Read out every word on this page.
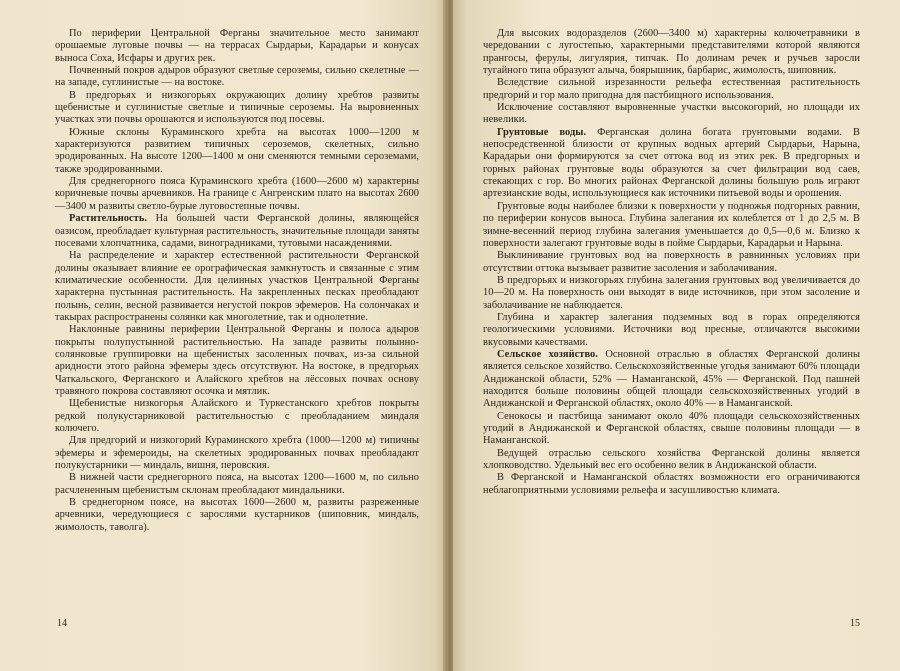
По периферии Центральной Ферганы значительное место занимают орошаемые луговые почвы — на террасах Сырдарьи, Карадарьи и конусах выноса Соха, Исфары и других рек.

Почвенный покров адыров образуют светлые сероземы, сильно скелетные — на западе, суглинистые — на востоке.

В предгорьях и низкогорьях окружающих долину хребтов развиты щебенистые и суглинистые светлые и типичные сероземы. На выровненных участках эти почвы орошаются и используются под посевы.

Южные склоны Кураминского хребта на высотах 1000—1200 м характеризуются развитием типичных сероземов, скелетных, сильно эродированных. На высоте 1200—1400 м они сменяются темными сероземами, также эродированными.

Для среднегорного пояса Кураминского хребта (1600—2600 м) характерны коричневые почвы арчевников. На границе с Ангренским плато на высотах 2600—3400 м развиты светло-бурые луговостепные почвы.

Растительность. На большей части Ферганской долины, являющейся оазисом, преобладает культурная растительность, значительные площади заняты посевами хлопчатника, садами, виноградниками, тутовыми насаждениями.

На распределение и характер естественной растительности Ферганской долины оказывает влияние ее орографическая замкнутость и связанные с этим климатические особенности. Для целинных участков Центральной Ферганы характерна пустынная растительность. На закрепленных песках преобладают полынь, селин, весной развивается негустой покров эфемеров. На солончаках и такырах распространены солянки как многолетние, так и однолетние.

Наклонные равнины периферии Центральной Ферганы и полоса адыров покрыты полупустынной растительностью. На западе развиты полынно-солянковые группировки на щебенистых засоленных почвах, из-за сильной аридности этого района эфемеры здесь отсутствуют. На востоке, в предгорьях Чаткальского, Ферганского и Алайского хребтов на лёссовых почвах основу травяного покрова составляют осочка и мятлик.

Щебенистые низкогорья Алайского и Туркестанского хребтов покрыты редкой полукустарниковой растительностью с преобладанием миндаля колючего.

Для предгорий и низкогорий Кураминского хребта (1000—1200 м) типичны эфемеры и эфемероиды, на скелетных эродированных почвах преобладают полукустарники — миндаль, вишня, перовския.

В нижней части среднегорного пояса, на высотах 1200—1600 м, по сильно расчлененным щебенистым склонам преобладают миндальники.

В среднегорном поясе, на высотах 1600—2600 м, развиты разреженные арчевники, чередующиеся с зарослями кустарников (шиповник, миндаль, жимолость, таволга).

14

Для высоких водоразделов (2600—3400 м) характерны колючетравники в чередовании с лугостепью, характерными представителями которой являются прангосы, ферулы, лигулярия, типчак. По долинам речек и ручьев заросли тугайного типа образуют алыча, боярышник, барбарис, жимолость, шиповник.

Вследствие сильной изрезанности рельефа естественная растительность предгорий и гор мало пригодна для пастбищного использования.

Исключение составляют выровненные участки высокогорий, но площади их невелики.

Грунтовые воды. Ферганская долина богата грунтовыми водами. В непосредственной близости от крупных водных артерий Сырдарьи, Нарына, Карадарьи они формируются за счет оттока вод из этих рек. В предгорных и горных районах грунтовые воды образуются за счет фильтрации вод саев, стекающих с гор. Во многих районах Ферганской долины большую роль играют артезианские воды, использующиеся как источники питьевой воды и орошения.

Грунтовые воды наиболее близки к поверхности у подножья подгорных равнин, по периферии конусов выноса. Глубина залегания их колеблется от 1 до 2,5 м. В зимне-весенний период глубина залегания уменьшается до 0,5—0,6 м. Близко к поверхности залегают грунтовые воды в пойме Сырдарьи, Карадарьи и Нарына.

Выклинивание грунтовых вод на поверхность в равнинных условиях при отсутствии оттока вызывает развитие засоления и заболачивания.

В предгорьях и низкогорьях глубина залегания грунтовых вод увеличивается до 10—20 м. На поверхность они выходят в виде источников, при этом засоление и заболачивание не наблюдается.

Глубина и характер залегания подземных вод в горах определяются геологическими условиями. Источники вод пресные, отличаются высокими вкусовыми качествами.

Сельское хозяйство. Основной отраслью в областях Ферганской долины является сельское хозяйство. Сельскохозяйственные угодья занимают 60% площади Андижанской области, 52% — Наманганской, 45% — Ферганской. Под пашней находится больше половины общей площади сельскохозяйственных угодий в Андижанской и Ферганской областях, около 40% — в Наманганской.

Сенокосы и пастбища занимают около 40% площади сельскохозяйственных угодий в Андижанской и Ферганской областях, свыше половины площади — в Наманганской.

Ведущей отраслью сельского хозяйства Ферганской долины является хлопководство. Удельный вес его особенно велик в Андижанской области.

В Ферганской и Наманганской областях возможности его ограничиваются неблагоприятными условиями рельефа и засушливостью климата.

15
